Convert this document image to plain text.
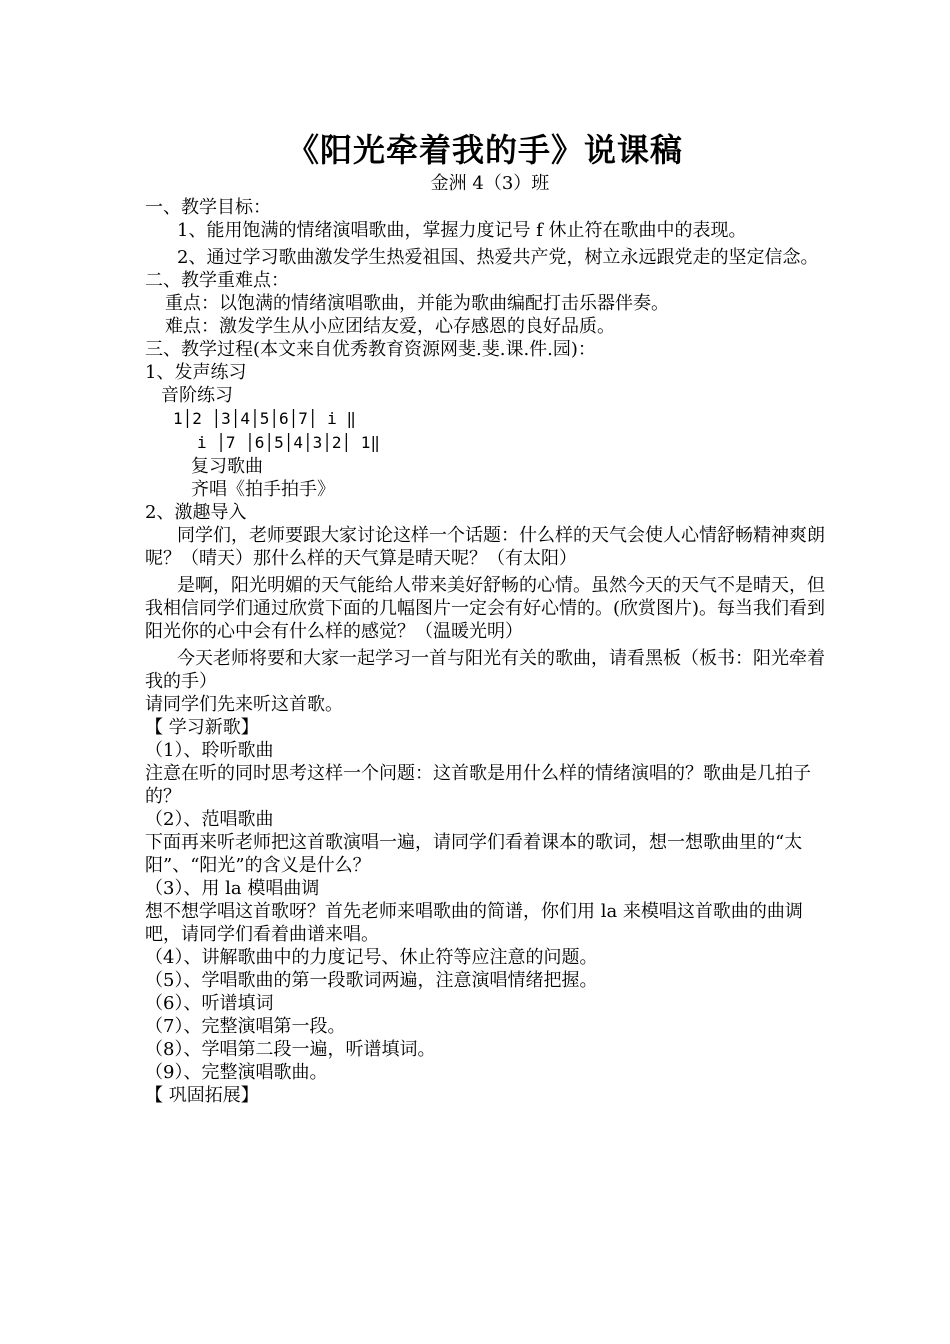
《阳光牵着我的手》说课稿
金洲 4（3）班

一、教学目标：

1、能用饱满的情绪演唱歌曲，掌握力度记号 f 休止符在歌曲中的表现。

2、通过学习歌曲激发学生热爱祖国、热爱共产党，树立永远跟党走的坚定信念。

二、教学重难点：

重点：以饱满的情绪演唱歌曲，并能为歌曲编配打击乐器伴奏。

难点：激发学生从小应团结友爱，心存感恩的良好品质。

三、教学过程(本文来自优秀教育资源网斐.斐.课.件.园)：

1、发声练习

音阶练习

1│2 │3│4│5│6│7│ i ‖

i │7 │6│5│4│3│2│ 1‖

复习歌曲

齐唱《拍手拍手》

2、激趣导入

同学们，老师要跟大家讨论这样一个话题：什么样的天气会使人心情舒畅精神爽朗呢？（晴天）那什么样的天气算是晴天呢？（有太阳）

是啊，阳光明媚的天气能给人带来美好舒畅的心情。虽然今天的天气不是晴天，但我相信同学们通过欣赏下面的几幅图片一定会有好心情的。(欣赏图片)。每当我们看到阳光你的心中会有什么样的感觉？（温暖光明）

今天老师将要和大家一起学习一首与阳光有关的歌曲，请看黑板（板书：阳光牵着我的手）

请同学们先来听这首歌。

【 学习新歌】

（1）、聆听歌曲

注意在听的同时思考这样一个问题：这首歌是用什么样的情绪演唱的？歌曲是几拍子的？

（2）、范唱歌曲

下面再来听老师把这首歌演唱一遍，请同学们看着课本的歌词，想一想歌曲里的“太阳”、“阳光”的含义是什么？

（3）、用 la 模唱曲调

想不想学唱这首歌呀？首先老师来唱歌曲的简谱，你们用 la 来模唱这首歌曲的曲调吧，请同学们看着曲谱来唱。

（4）、讲解歌曲中的力度记号、休止符等应注意的问题。

（5）、学唱歌曲的第一段歌词两遍，注意演唱情绪把握。

（6）、听谱填词

（7）、完整演唱第一段。

（8）、学唱第二段一遍，听谱填词。

（9）、完整演唱歌曲。

【 巩固拓展】
